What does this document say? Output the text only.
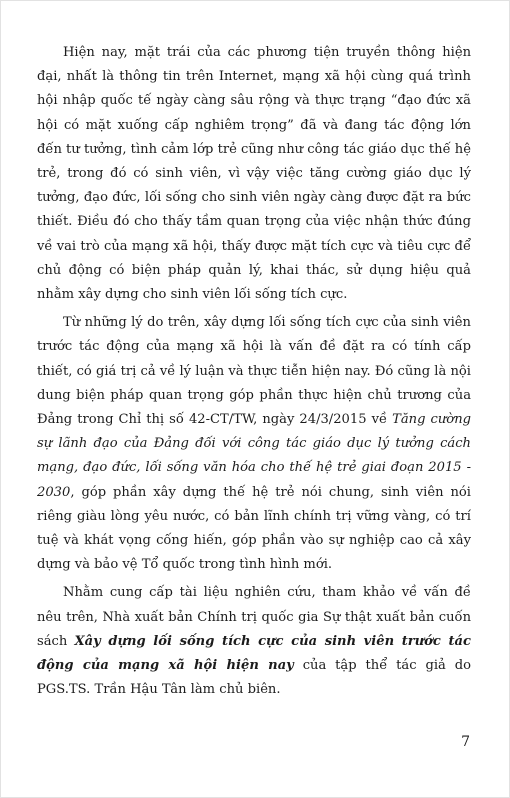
Hiện nay, mặt trái của các phương tiện truyền thông hiện đại, nhất là thông tin trên Internet, mạng xã hội cùng quá trình hội nhập quốc tế ngày càng sâu rộng và thực trạng “đạo đức xã hội có mặt xuống cấp nghiêm trọng” đã và đang tác động lớn đến tư tưởng, tình cảm lớp trẻ cũng như công tác giáo dục thế hệ trẻ, trong đó có sinh viên, vì vậy việc tăng cường giáo dục lý tưởng, đạo đức, lối sống cho sinh viên ngày càng được đặt ra bức thiết. Điều đó cho thấy tầm quan trọng của việc nhận thức đúng về vai trò của mạng xã hội, thấy được mặt tích cực và tiêu cực để chủ động có biện pháp quản lý, khai thác, sử dụng hiệu quả nhằm xây dựng cho sinh viên lối sống tích cực.

Từ những lý do trên, xây dựng lối sống tích cực của sinh viên trước tác động của mạng xã hội là vấn đề đặt ra có tính cấp thiết, có giá trị cả về lý luận và thực tiễn hiện nay. Đó cũng là nội dung biện pháp quan trọng góp phần thực hiện chủ trương của Đảng trong Chỉ thị số 42-CT/TW, ngày 24/3/2015 về Tăng cường sự lãnh đạo của Đảng đối với công tác giáo dục lý tưởng cách mạng, đạo đức, lối sống văn hóa cho thế hệ trẻ giai đoạn 2015 - 2030, góp phần xây dựng thế hệ trẻ nói chung, sinh viên nói riêng giàu lòng yêu nước, có bản lĩnh chính trị vững vàng, có trí tuệ và khát vọng cống hiến, góp phần vào sự nghiệp cao cả xây dựng và bảo vệ Tổ quốc trong tình hình mới.

Nhằm cung cấp tài liệu nghiên cứu, tham khảo về vấn đề nêu trên, Nhà xuất bản Chính trị quốc gia Sự thật xuất bản cuốn sách Xây dựng lối sống tích cực của sinh viên trước tác động của mạng xã hội hiện nay của tập thể tác giả do PGS.TS. Trần Hậu Tân làm chủ biên.

7
